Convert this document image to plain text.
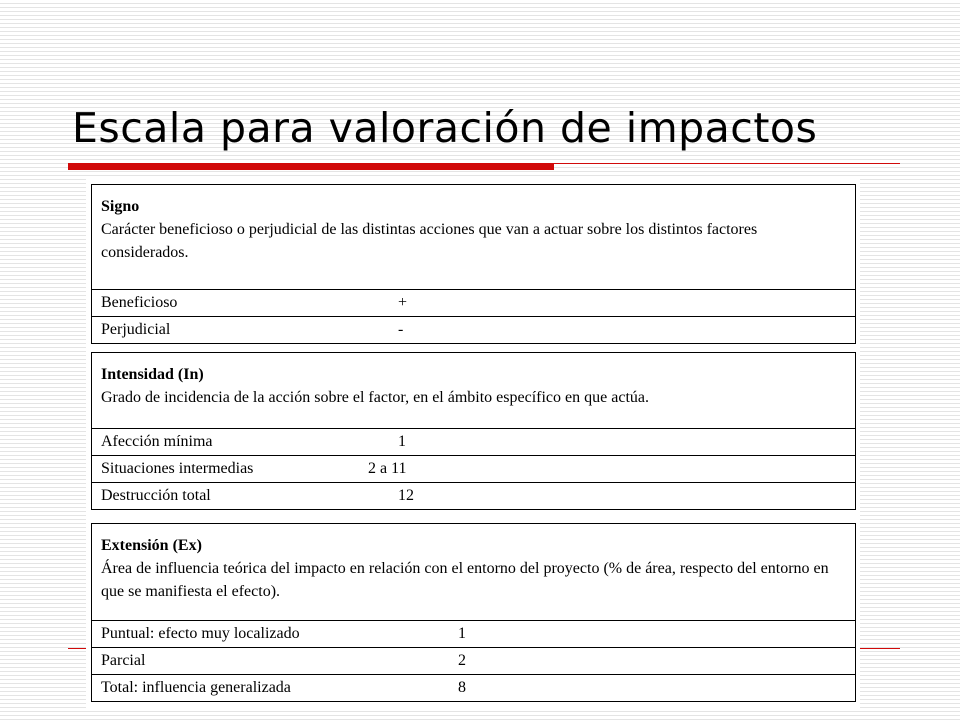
Escala para valoración de impactos
Signo
Carácter beneficioso o perjudicial de las distintas acciones que van a actuar sobre los distintos factores considerados.
Beneficioso	+
Perjudicial	-
Intensidad (In)
Grado de incidencia de la acción sobre el factor, en el ámbito específico en que actúa.
Afección mínima	1
Situaciones intermedias	2 a 11
Destrucción total	12
Extensión (Ex)
Área de influencia teórica del impacto en relación con el entorno del proyecto (% de área, respecto del entorno en que se manifiesta el efecto).
Puntual: efecto muy localizado	1
Parcial	2
Total: influencia generalizada	8
